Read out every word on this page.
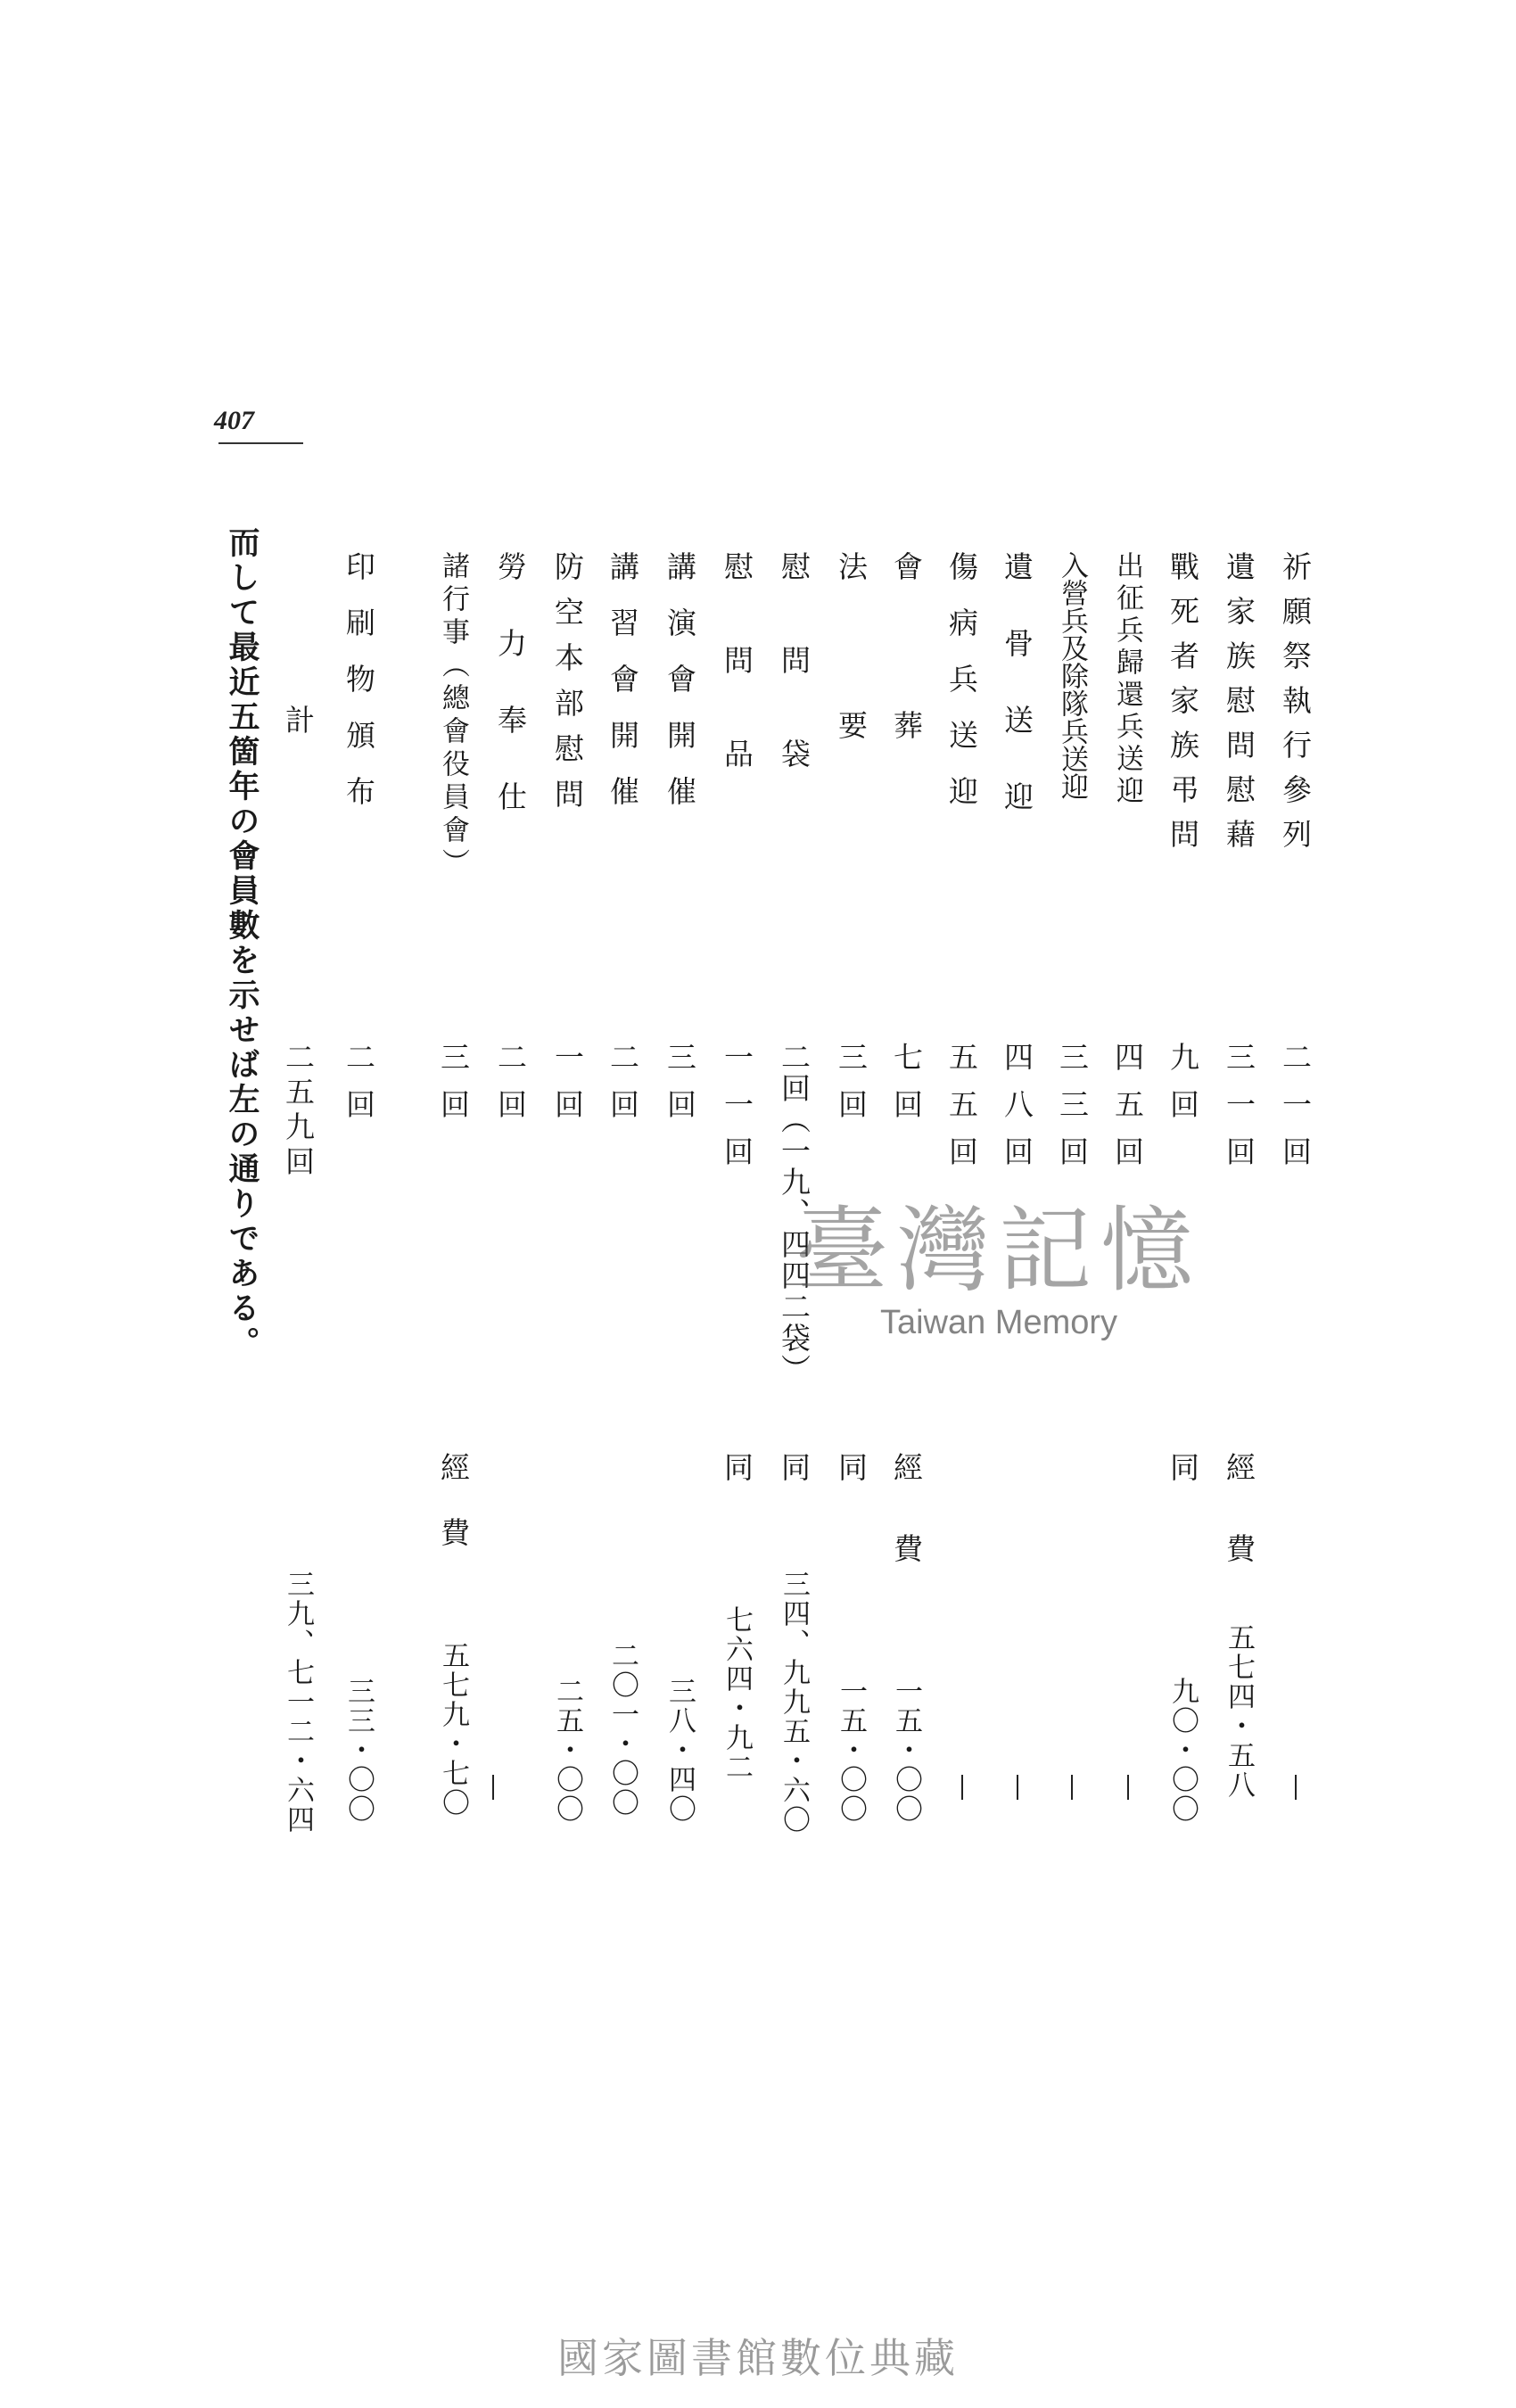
407
祈願祭執行參列
二一回
遺家族慰問慰藉
三一回
經費
五七四・五八
戰死者家族弔問
九回
同
九〇・〇〇
出征兵歸還兵送迎
四五回
入營兵及除隊兵送迎
三三回
遺骨送迎
四八回
傷病兵送迎
五五回
會葬
七回
經費
一五・〇〇
法要
三回
同
一五・〇〇
慰問袋
二回（一九、四四二袋）
同
三四、九九五・六〇
慰問品
一一回
同
七六四・九二
講演會開催
三回
三八・四〇
講習會開催
二回
二〇一・〇〇
防空本部慰問
一回
二五・〇〇
勞力奉仕
二回
諸行事（總會役員會）
三回
經費
五七九・七〇
印刷物頒布
二回
三三・〇〇
計
二五九回
三九、七一二・六四
而して最近五箇年の會員數を示せば左の通りである。	臺灣記憶
Taiwan Memory
國家圖書館數位典藏
